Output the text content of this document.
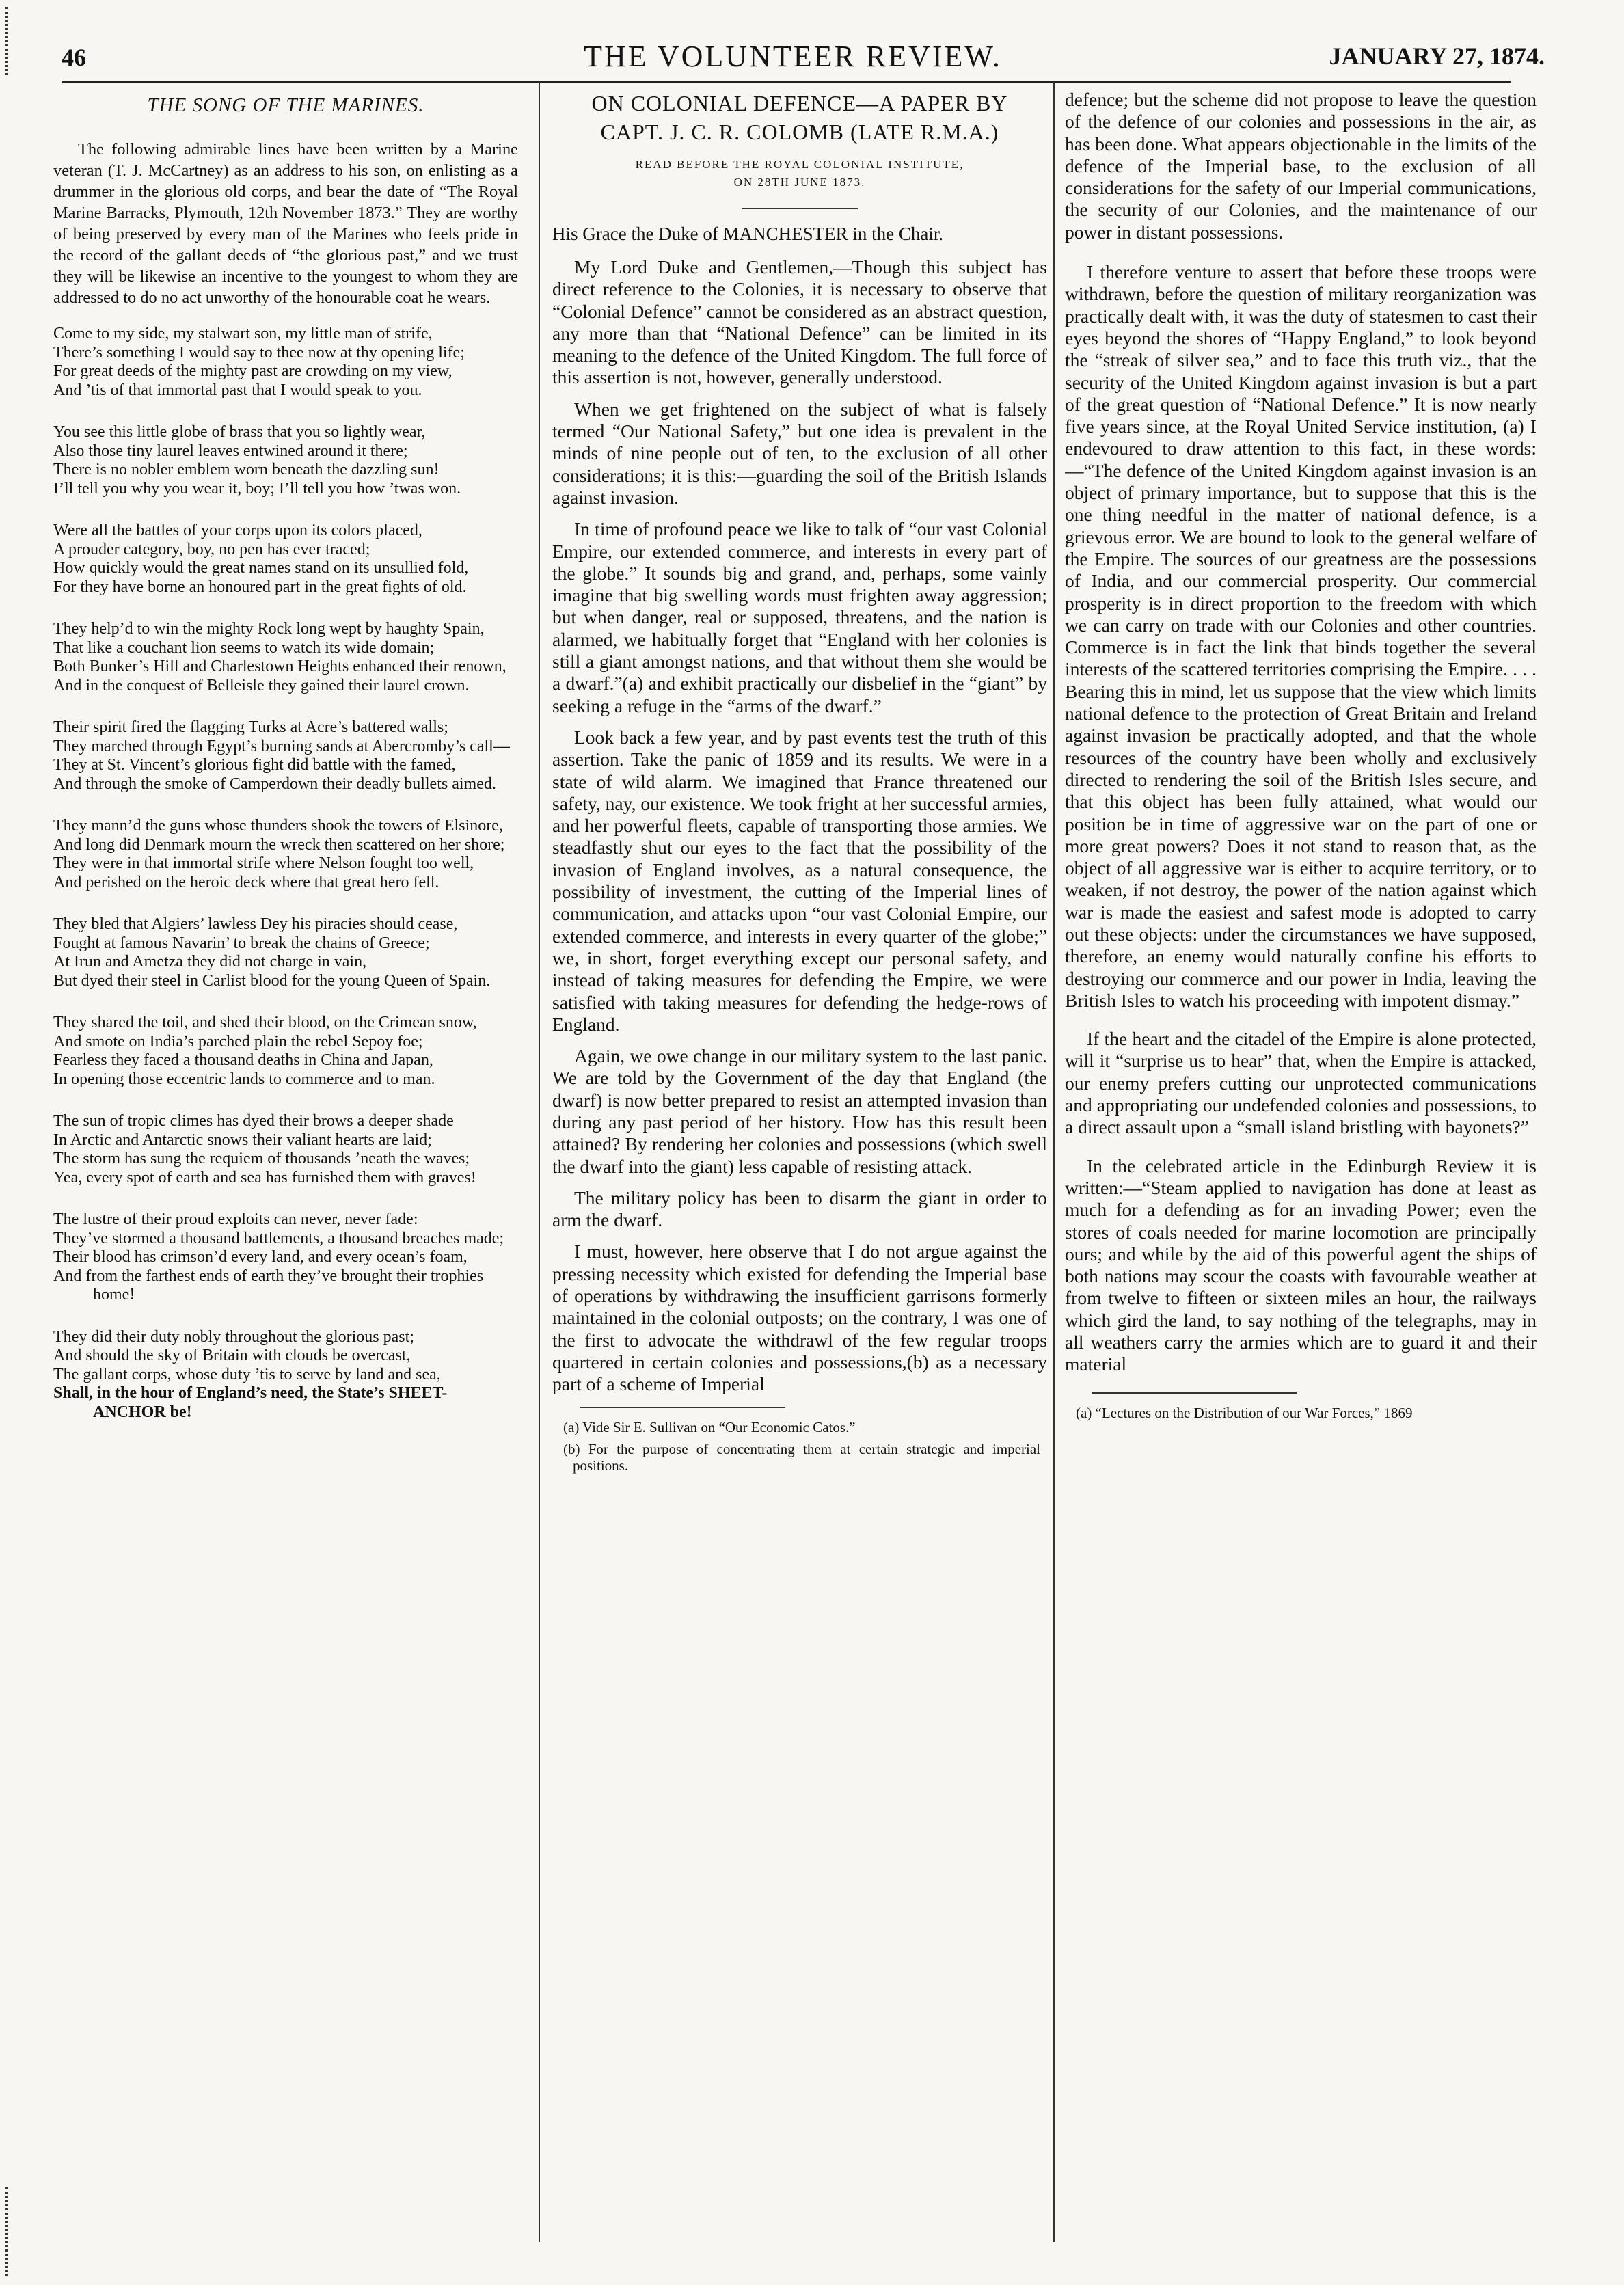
46	THE VOLUNTEER REVIEW.	JANUARY 27, 1874.
THE SONG OF THE MARINES.

The following admirable lines have been written by a Marine veteran (T. J. McCartney) as an address to his son, on enlisting as a drummer in the glorious old corps, and bear the date of “The Royal Marine Barracks, Plymouth, 12th November 1873.” They are worthy of being preserved by every man of the Marines who feels pride in the record of the gallant deeds of “the glorious past,” and we trust they will be likewise an incentive to the youngest to whom they are addressed to do no act unworthy of the honourable coat he wears.

Come to my side, my stalwart son, my little man of strife,

There’s something I would say to thee now at thy opening life;

For great deeds of the mighty past are crowding on my view,

And ’tis of that immortal past that I would speak to you.

You see this little globe of brass that you so lightly wear,

Also those tiny laurel leaves entwined around it there;

There is no nobler emblem worn beneath the dazzling sun!

I’ll tell you why you wear it, boy; I’ll tell you how ’twas won.

Were all the battles of your corps upon its colors placed,

A prouder category, boy, no pen has ever traced;

How quickly would the great names stand on its unsullied fold,

For they have borne an honoured part in the great fights of old.

They help’d to win the mighty Rock long wept by haughty Spain,

That like a couchant lion seems to watch its wide domain;

Both Bunker’s Hill and Charlestown Heights enhanced their renown,

And in the conquest of Belleisle they gained their laurel crown.

Their spirit fired the flagging Turks at Acre’s battered walls;

They marched through Egypt’s burning sands at Abercromby’s call—

They at St. Vincent’s glorious fight did battle with the famed,

And through the smoke of Camperdown their deadly bullets aimed.

They mann’d the guns whose thunders shook the towers of Elsinore,

And long did Denmark mourn the wreck then scattered on her shore;

They were in that immortal strife where Nelson fought too well,

And perished on the heroic deck where that great hero fell.

They bled that Algiers’ lawless Dey his piracies should cease,

Fought at famous Navarin’ to break the chains of Greece;

At Irun and Ametza they did not charge in vain,

But dyed their steel in Carlist blood for the young Queen of Spain.

They shared the toil, and shed their blood, on the Crimean snow,

And smote on India’s parched plain the rebel Sepoy foe;

Fearless they faced a thousand deaths in China and Japan,

In opening those eccentric lands to commerce and to man.

The sun of tropic climes has dyed their brows a deeper shade

In Arctic and Antarctic snows their valiant hearts are laid;

The storm has sung the requiem of thousands ’neath the waves;

Yea, every spot of earth and sea has furnished them with graves!

The lustre of their proud exploits can never, never fade:

They’ve stormed a thousand battlements, a thousand breaches made;

Their blood has crimson’d every land, and every ocean’s foam,

And from the farthest ends of earth they’ve brought their trophies home!

They did their duty nobly throughout the glorious past;

And should the sky of Britain with clouds be overcast,

The gallant corps, whose duty ’tis to serve by land and sea,

Shall, in the hour of England’s need, the State’s SHEET-ANCHOR be!

ON COLONIAL DEFENCE—A PAPER BY
CAPT. J. C. R. COLOMB (LATE R.M.A.)
READ BEFORE THE ROYAL COLONIAL INSTITUTE,
ON 28TH JUNE 1873.

His Grace the Duke of MANCHESTER in the Chair.

My Lord Duke and Gentlemen,—Though this subject has direct reference to the Colonies, it is necessary to observe that “Colonial Defence” cannot be considered as an abstract question, any more than that “National Defence” can be limited in its meaning to the defence of the United Kingdom. The full force of this assertion is not, however, generally understood.

When we get frightened on the subject of what is falsely termed “Our National Safety,” but one idea is prevalent in the minds of nine people out of ten, to the exclusion of all other considerations; it is this:—guarding the soil of the British Islands against invasion.

In time of profound peace we like to talk of “our vast Colonial Empire, our extended commerce, and interests in every part of the globe.” It sounds big and grand, and, perhaps, some vainly imagine that big swelling words must frighten away aggression; but when danger, real or supposed, threatens, and the nation is alarmed, we habitually forget that “England with her colonies is still a giant amongst nations, and that without them she would be a dwarf.”(a) and exhibit practically our disbelief in the “giant” by seeking a refuge in the “arms of the dwarf.”

Look back a few year, and by past events test the truth of this assertion. Take the panic of 1859 and its results. We were in a state of wild alarm. We imagined that France threatened our safety, nay, our existence. We took fright at her successful armies, and her powerful fleets, capable of transporting those armies. We steadfastly shut our eyes to the fact that the possibility of the invasion of England involves, as a natural consequence, the possibility of investment, the cutting of the Imperial lines of communication, and attacks upon “our vast Colonial Empire, our extended commerce, and interests in every quarter of the globe;” we, in short, forget everything except our personal safety, and instead of taking measures for defending the Empire, we were satisfied with taking measures for defending the hedge-rows of England.

Again, we owe change in our military system to the last panic. We are told by the Government of the day that England (the dwarf) is now better prepared to resist an attempted invasion than during any past period of her history. How has this result been attained? By rendering her colonies and possessions (which swell the dwarf into the giant) less capable of resisting attack.

The military policy has been to disarm the giant in order to arm the dwarf.

I must, however, here observe that I do not argue against the pressing necessity which existed for defending the Imperial base of operations by withdrawing the insufficient garrisons formerly maintained in the colonial outposts; on the contrary, I was one of the first to advocate the withdrawl of the few regular troops quartered in certain colonies and possessions,(b) as a necessary part of a scheme of Imperial

(a) Vide Sir E. Sullivan on “Our Economic Catos.”

(b) For the purpose of concentrating them at certain strategic and imperial positions.

defence; but the scheme did not propose to leave the question of the defence of our colonies and possessions in the air, as has been done. What appears objectionable in the limits of the defence of the Imperial base, to the exclusion of all considerations for the safety of our Imperial communications, the security of our Colonies, and the maintenance of our power in distant possessions.

I therefore venture to assert that before these troops were withdrawn, before the question of military reorganization was practically dealt with, it was the duty of statesmen to cast their eyes beyond the shores of “Happy England,” to look beyond the “streak of silver sea,” and to face this truth viz., that the security of the United Kingdom against invasion is but a part of the great question of “National Defence.” It is now nearly five years since, at the Royal United Service institution, (a) I endevoured to draw attention to this fact, in these words:—“The defence of the United Kingdom against invasion is an object of primary importance, but to suppose that this is the one thing needful in the matter of national defence, is a grievous error. We are bound to look to the general welfare of the Empire. The sources of our greatness are the possessions of India, and our commercial prosperity. Our commercial prosperity is in direct proportion to the freedom with which we can carry on trade with our Colonies and other countries. Commerce is in fact the link that binds together the several interests of the scattered territories comprising the Empire. . . . Bearing this in mind, let us suppose that the view which limits national defence to the protection of Great Britain and Ireland against invasion be practically adopted, and that the whole resources of the country have been wholly and exclusively directed to rendering the soil of the British Isles secure, and that this object has been fully attained, what would our position be in time of aggressive war on the part of one or more great powers? Does it not stand to reason that, as the object of all aggressive war is either to acquire territory, or to weaken, if not destroy, the power of the nation against which war is made the easiest and safest mode is adopted to carry out these objects: under the circumstances we have supposed, therefore, an enemy would naturally confine his efforts to destroying our commerce and our power in India, leaving the British Isles to watch his proceeding with impotent dismay.”

If the heart and the citadel of the Empire is alone protected, will it “surprise us to hear” that, when the Empire is attacked, our enemy prefers cutting our unprotected communications and appropriating our undefended colonies and possessions, to a direct assault upon a “small island bristling with bayonets?”

In the celebrated article in the Edinburgh Review it is written:—“Steam applied to navigation has done at least as much for a defending as for an invading Power; even the stores of coals needed for marine locomotion are principally ours; and while by the aid of this powerful agent the ships of both nations may scour the coasts with favourable weather at from twelve to fifteen or sixteen miles an hour, the railways which gird the land, to say nothing of the telegraphs, may in all weathers carry the armies which are to guard it and their material

(a) “Lectures on the Distribution of our War Forces,” 1869
